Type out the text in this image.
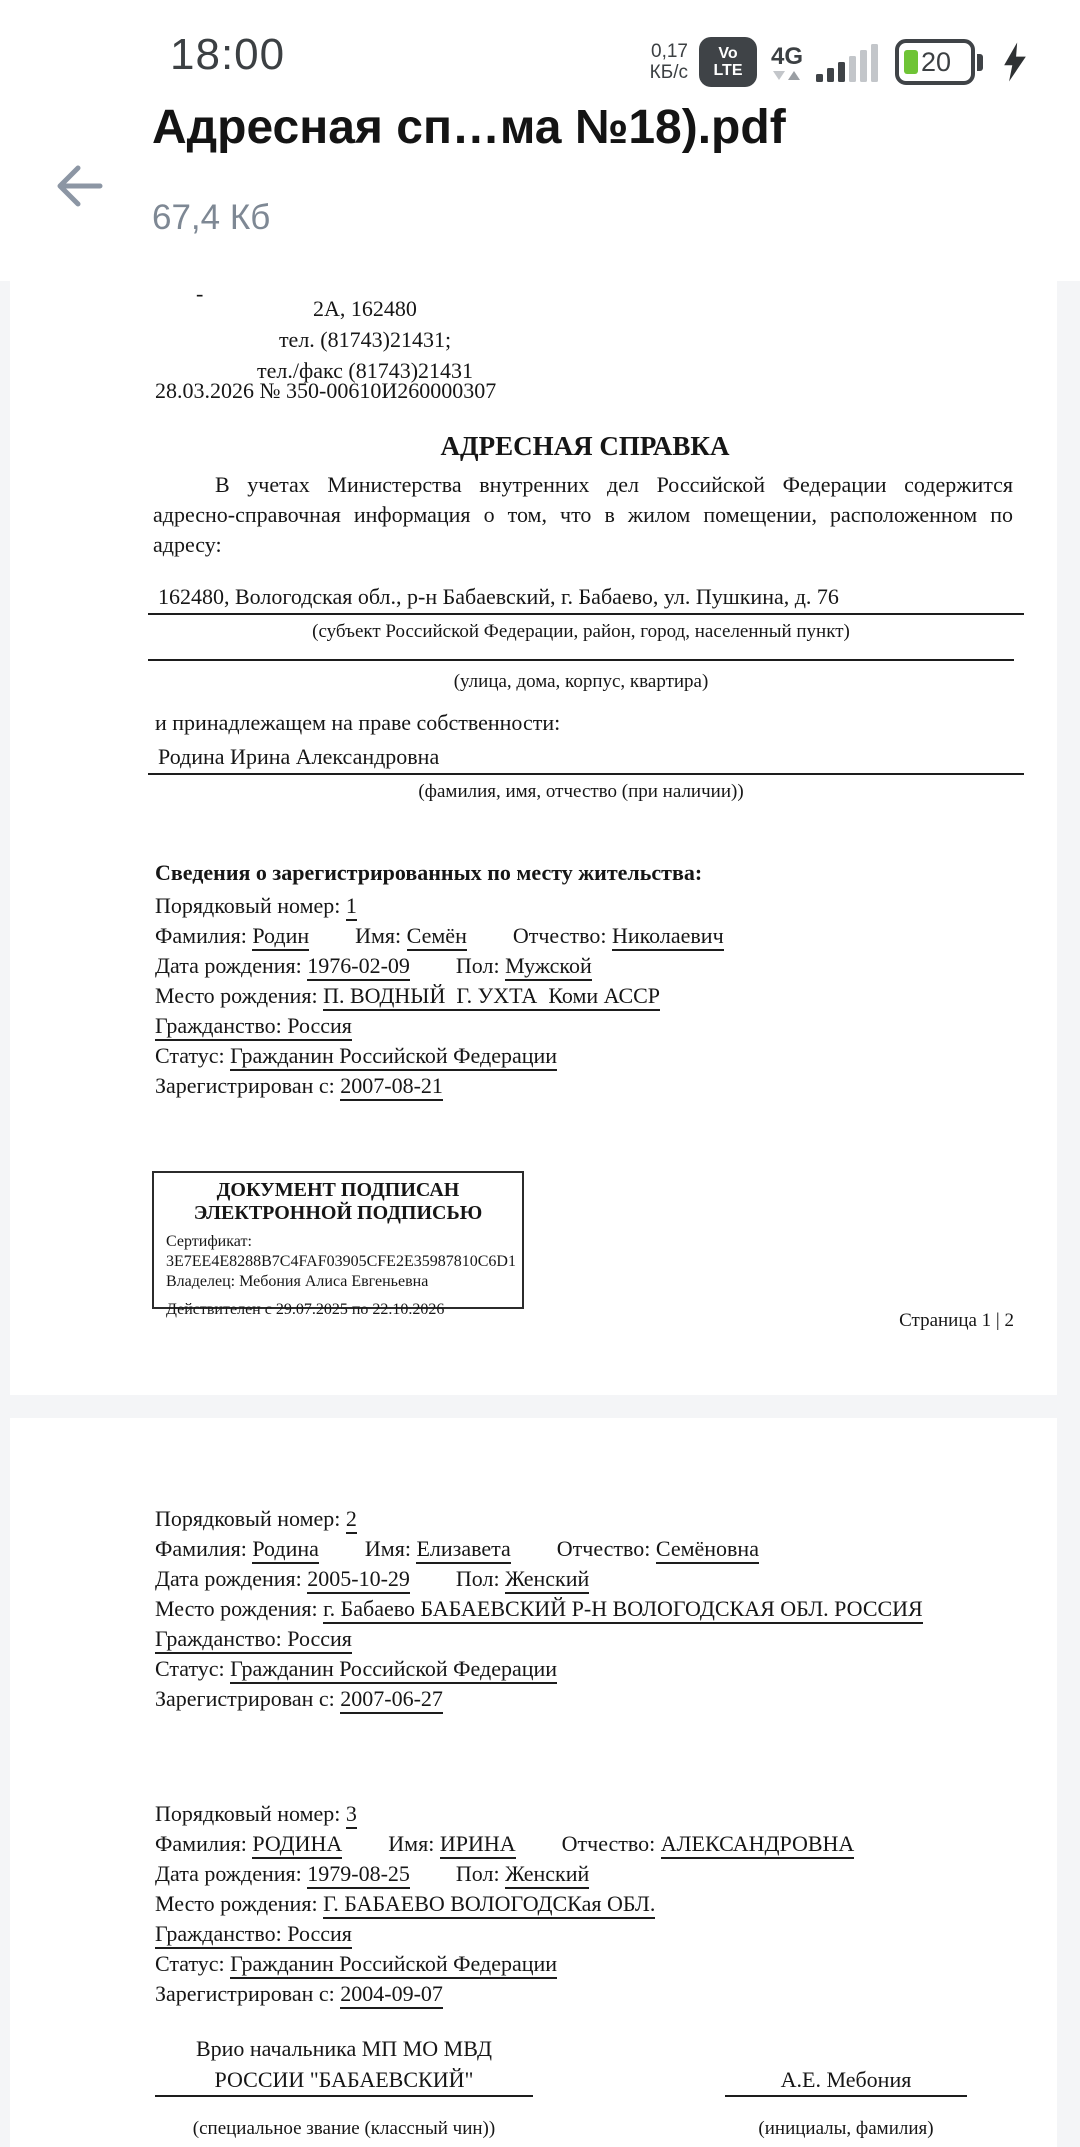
18:00	0,17
КБ/с
Vo
LTE
4G	20
Адресная сп…ма №18).pdf
67,4 Кб
-
2А, 162480
тел. (81743)21431;
тел./факс (81743)21431
28.03.2026 № 350-00610И260000307
АДРЕСНАЯ СПРАВКА
В учетах Министерства внутренних дел Российской Федерации содержится адресно-справочная информация о том, что в жилом помещении, расположенном по адресу:
162480, Вологодская обл., р-н Бабаевский, г. Бабаево, ул. Пушкина, д. 76
(субъект Российской Федерации, район, город, населенный пункт)
(улица, дома, корпус, квартира)
и принадлежащем на праве собственности:
Родина Ирина Александровна
(фамилия, имя, отчество (при наличии))
Сведения о зарегистрированных по месту жительства:

Порядковый номер: 1

Фамилия: Родин Имя: Семён Отчество: Николаевич

Дата рождения: 1976-02-09 Пол: Мужской

Место рождения: П. ВОДНЫЙ  Г. УХТА  Коми АССР

Гражданство: Россия

Статус: Гражданин Российской Федерации

Зарегистрирован с: 2007-08-21

ДОКУМЕНТ ПОДПИСАН
ЭЛЕКТРОННОЙ ПОДПИСЬЮ
Сертификат:
3E7EE4E8288B7C4FAF03905CFE2E35987810C6D1
Владелец: Мебония Алиса Евгеньевна
Действителен с 29.07.2025 по 22.10.2026
Страница 1 | 2

Порядковый номер: 2

Фамилия: Родина Имя: Елизавета Отчество: Семёновна

Дата рождения: 2005-10-29 Пол: Женский

Место рождения: г. Бабаево БАБАЕВСКИЙ Р-Н ВОЛОГОДСКАЯ ОБЛ. РОССИЯ

Гражданство: Россия

Статус: Гражданин Российской Федерации

Зарегистрирован с: 2007-06-27

Порядковый номер: 3

Фамилия: РОДИНА Имя: ИРИНА Отчество: АЛЕКСАНДРОВНА

Дата рождения: 1979-08-25 Пол: Женский

Место рождения: Г. БАБАЕВО ВОЛОГОДСКая ОБЛ.

Гражданство: Россия

Статус: Гражданин Российской Федерации

Зарегистрирован с: 2004-09-07

Врио начальника МП МО МВД
РОССИИ "БАБАЕВСКИЙ"
(специальное звание (классный чин))
А.Е. Мебония
(инициалы, фамилия)
